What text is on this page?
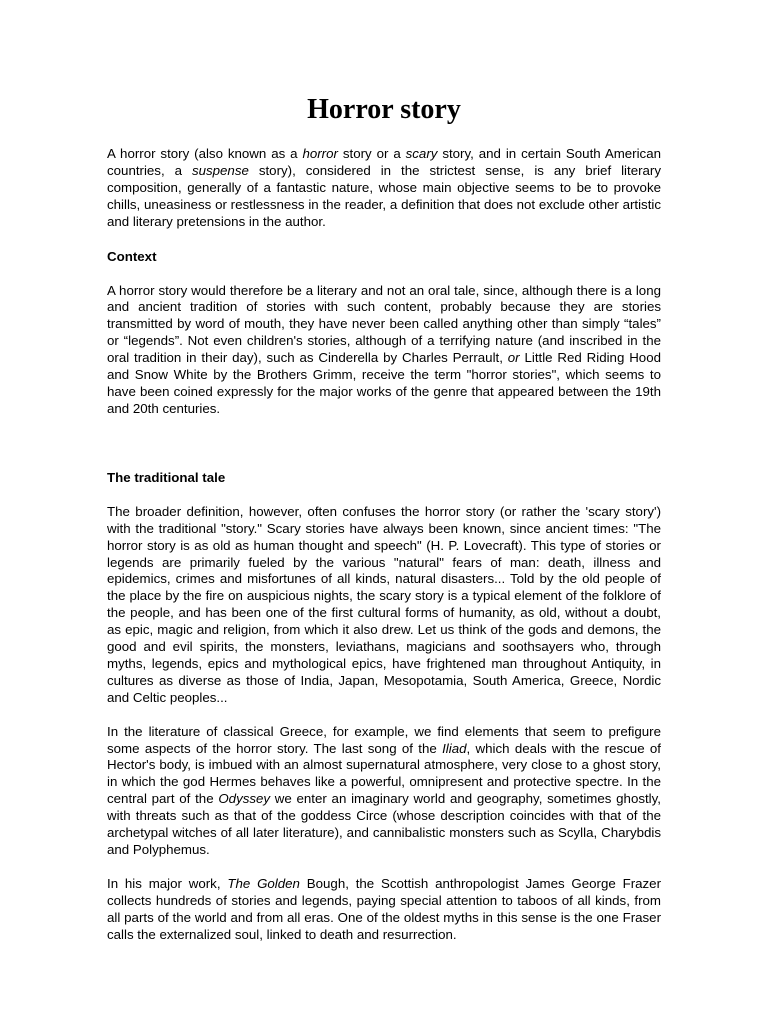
Horror story

A horror story (also known as a horror story or a scary story, and in certain South American countries, a suspense story), considered in the strictest sense, is any brief literary composition, generally of a fantastic nature, whose main objective seems to be to provoke chills, uneasiness or restlessness in the reader, a definition that does not exclude other artistic and literary pretensions in the author.

Context

A horror story would therefore be a literary and not an oral tale, since, although there is a long and ancient tradition of stories with such content, probably because they are stories transmitted by word of mouth, they have never been called anything other than simply “tales” or “legends”. Not even children's stories, although of a terrifying nature (and inscribed in the oral tradition in their day), such as Cinderella by Charles Perrault, or Little Red Riding Hood and Snow White by the Brothers Grimm, receive the term "horror stories", which seems to have been coined expressly for the major works of the genre that appeared between the 19th and 20th centuries.

The traditional tale

The broader definition, however, often confuses the horror story (or rather the 'scary story') with the traditional "story." Scary stories have always been known, since ancient times: "The horror story is as old as human thought and speech" (H. P. Lovecraft). This type of stories or legends are primarily fueled by the various "natural" fears of man: death, illness and epidemics, crimes and misfortunes of all kinds, natural disasters... Told by the old people of the place by the fire on auspicious nights, the scary story is a typical element of the folklore of the people, and has been one of the first cultural forms of humanity, as old, without a doubt, as epic, magic and religion, from which it also drew. Let us think of the gods and demons, the good and evil spirits, the monsters, leviathans, magicians and soothsayers who, through myths, legends, epics and mythological epics, have frightened man throughout Antiquity, in cultures as diverse as those of India, Japan, Mesopotamia, South America, Greece, Nordic and Celtic peoples...

In the literature of classical Greece, for example, we find elements that seem to prefigure some aspects of the horror story. The last song of the Iliad, which deals with the rescue of Hector's body, is imbued with an almost supernatural atmosphere, very close to a ghost story, in which the god Hermes behaves like a powerful, omnipresent and protective spectre. In the central part of the Odyssey we enter an imaginary world and geography, sometimes ghostly, with threats such as that of the goddess Circe (whose description coincides with that of the archetypal witches of all later literature), and cannibalistic monsters such as Scylla, Charybdis and Polyphemus.

In his major work, The Golden Bough, the Scottish anthropologist James George Frazer collects hundreds of stories and legends, paying special attention to taboos of all kinds, from all parts of the world and from all eras. One of the oldest myths in this sense is the one Fraser calls the externalized soul, linked to death and resurrection.
